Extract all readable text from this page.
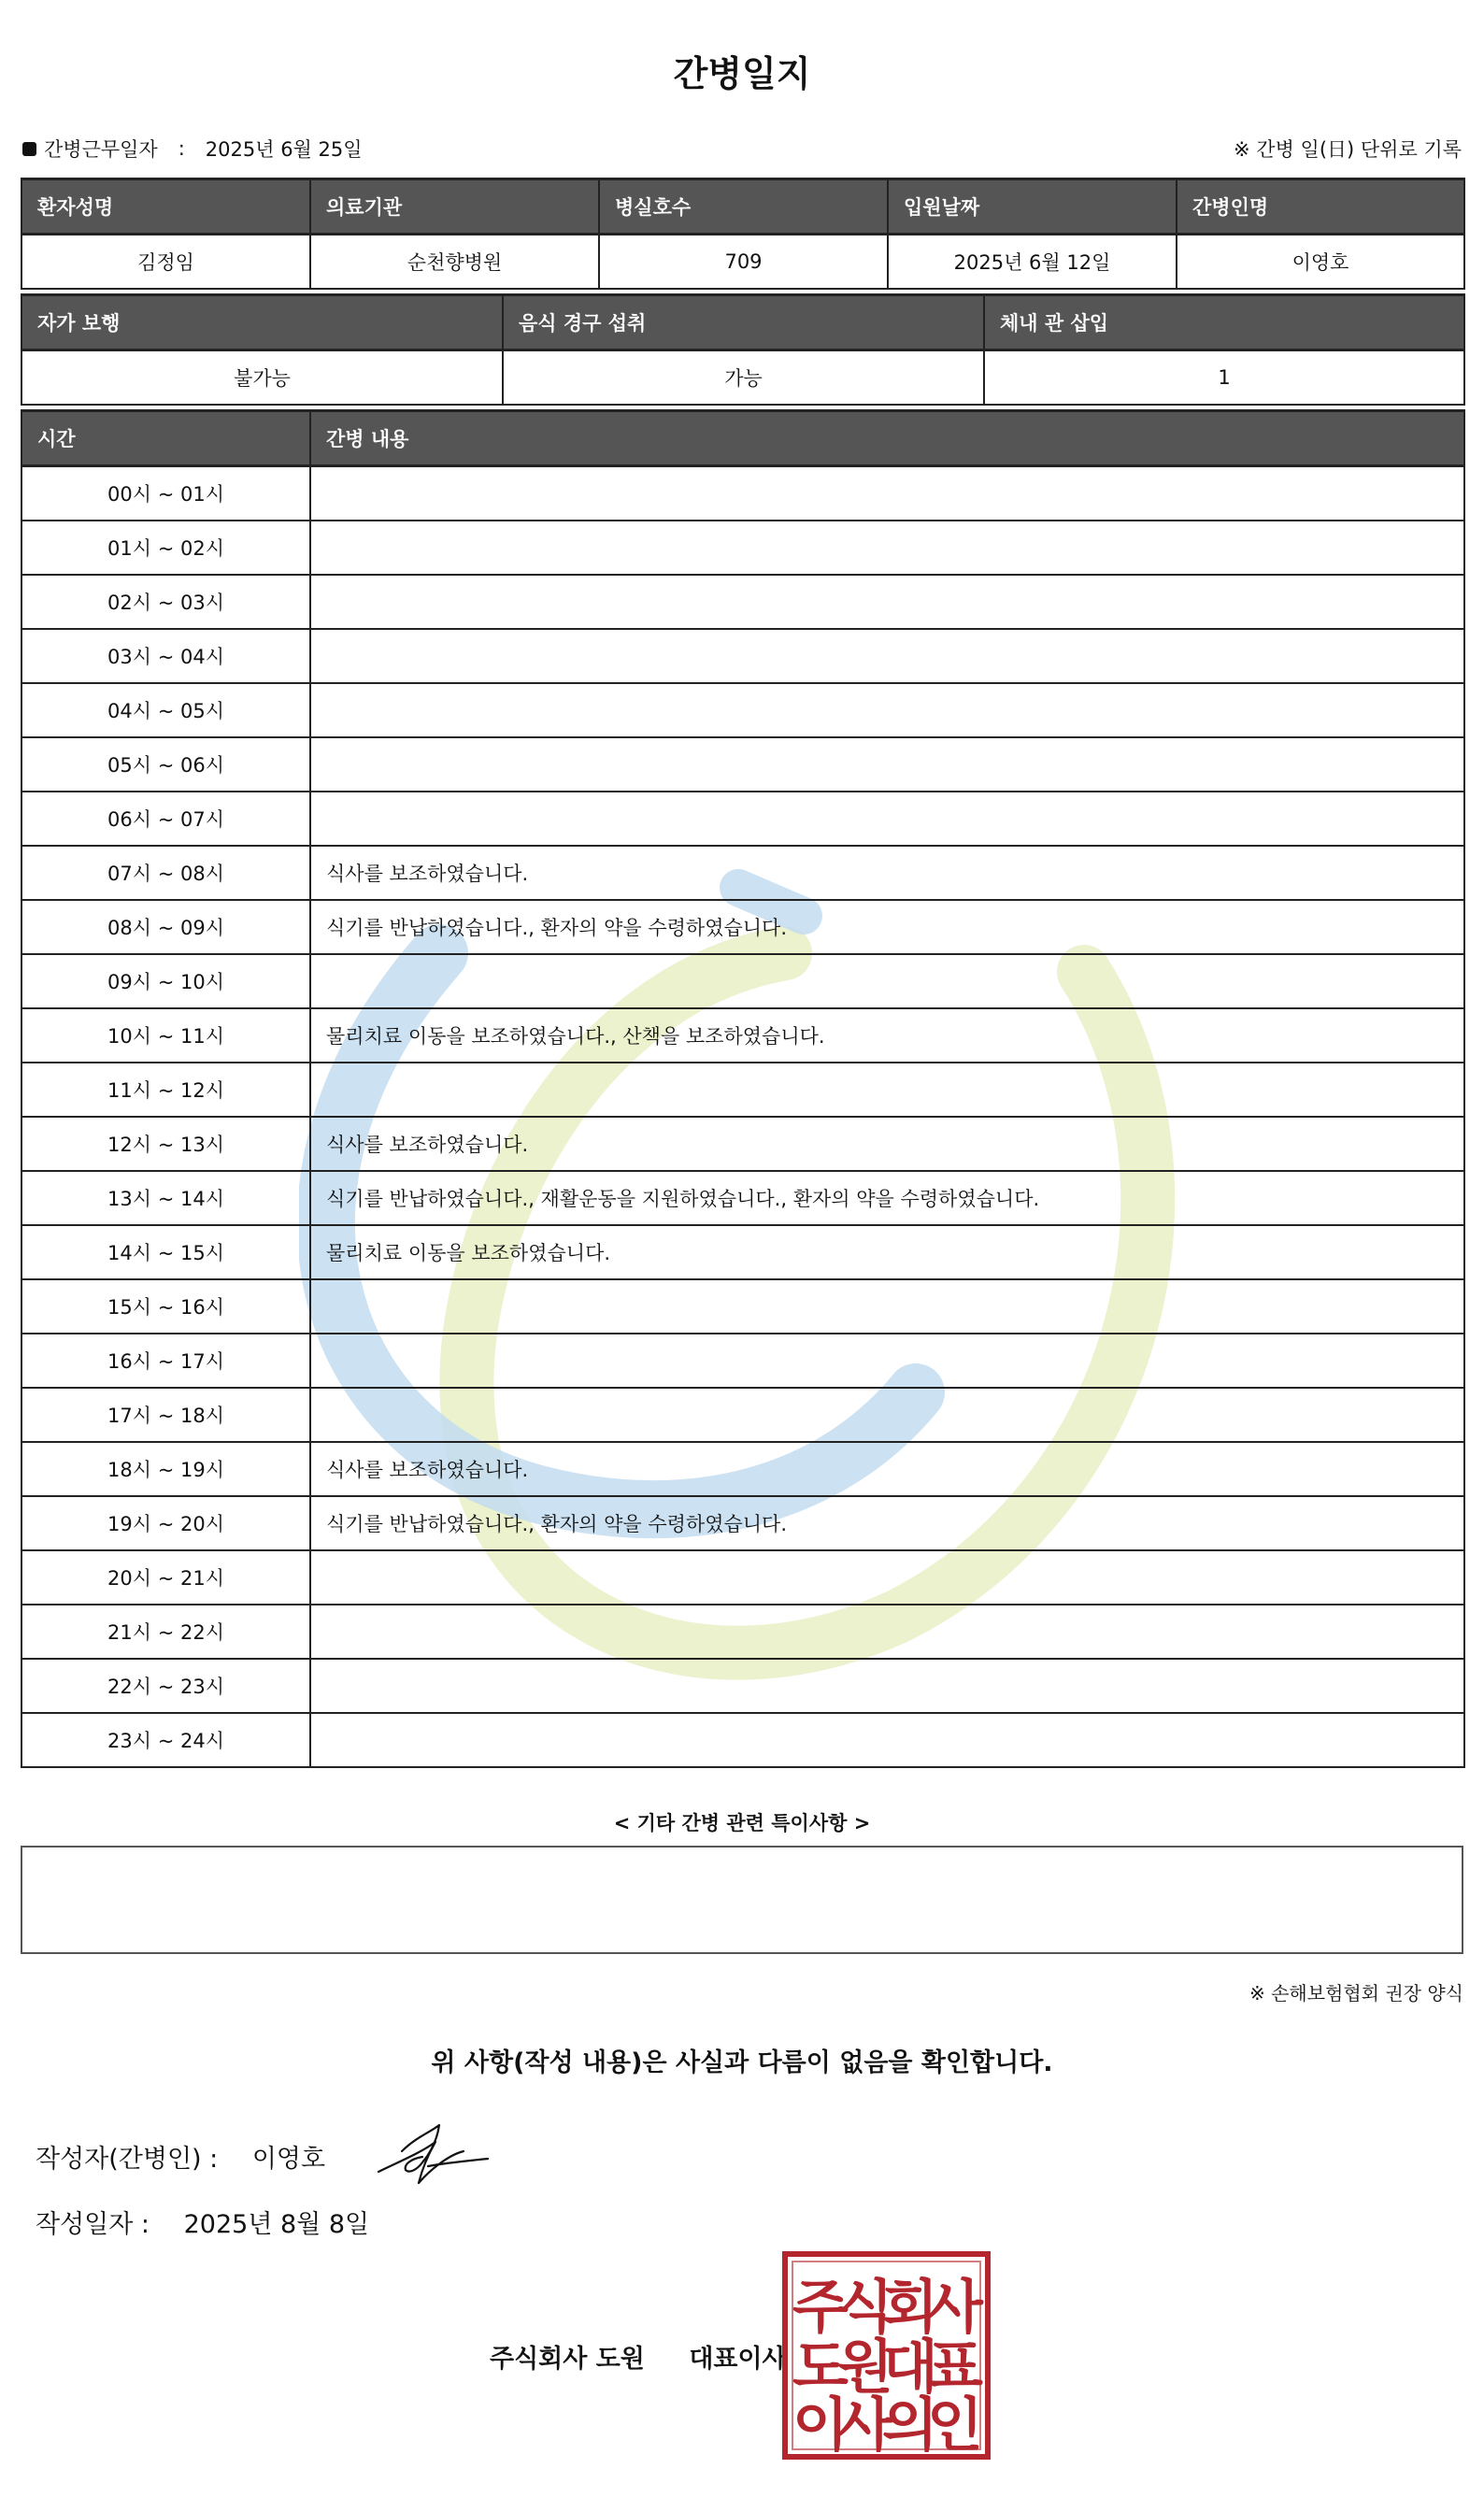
간병일지
간병근무일자 : 2025년 6월 25일	※ 간병 일(日) 단위로 기록
환자성명	의료기관	병실호수	입원날짜	간병인명
김정임	순천향병원	709	2025년 6월 12일	이영호
자가 보행	음식 경구 섭취	체내 관 삽입
불가능	가능	1
시간	간병 내용
00시 ~ 01시	
01시 ~ 02시	
02시 ~ 03시	
03시 ~ 04시	
04시 ~ 05시	
05시 ~ 06시	
06시 ~ 07시	
07시 ~ 08시	식사를 보조하였습니다.
08시 ~ 09시	식기를 반납하였습니다., 환자의 약을 수령하였습니다.
09시 ~ 10시	
10시 ~ 11시	물리치료 이동을 보조하였습니다., 산책을 보조하였습니다.
11시 ~ 12시	
12시 ~ 13시	식사를 보조하였습니다.
13시 ~ 14시	식기를 반납하였습니다., 재활운동을 지원하였습니다., 환자의 약을 수령하였습니다.
14시 ~ 15시	물리치료 이동을 보조하였습니다.
15시 ~ 16시	
16시 ~ 17시	
17시 ~ 18시	
18시 ~ 19시	식사를 보조하였습니다.
19시 ~ 20시	식기를 반납하였습니다., 환자의 약을 수령하였습니다.
20시 ~ 21시	
21시 ~ 22시	
22시 ~ 23시	
23시 ~ 24시	
< 기타 간병 관련 특이사항 >
※ 손해보험협회 권장 양식
위 사항(작성 내용)은 사실과 다름이 없음을 확인합니다.
작성자(간병인) : 이영호
작성일자 : 2025년 8월 8일
주식회사 도원 대표이사
주
식
회
사
도
원
대
표
이
사
의
인
